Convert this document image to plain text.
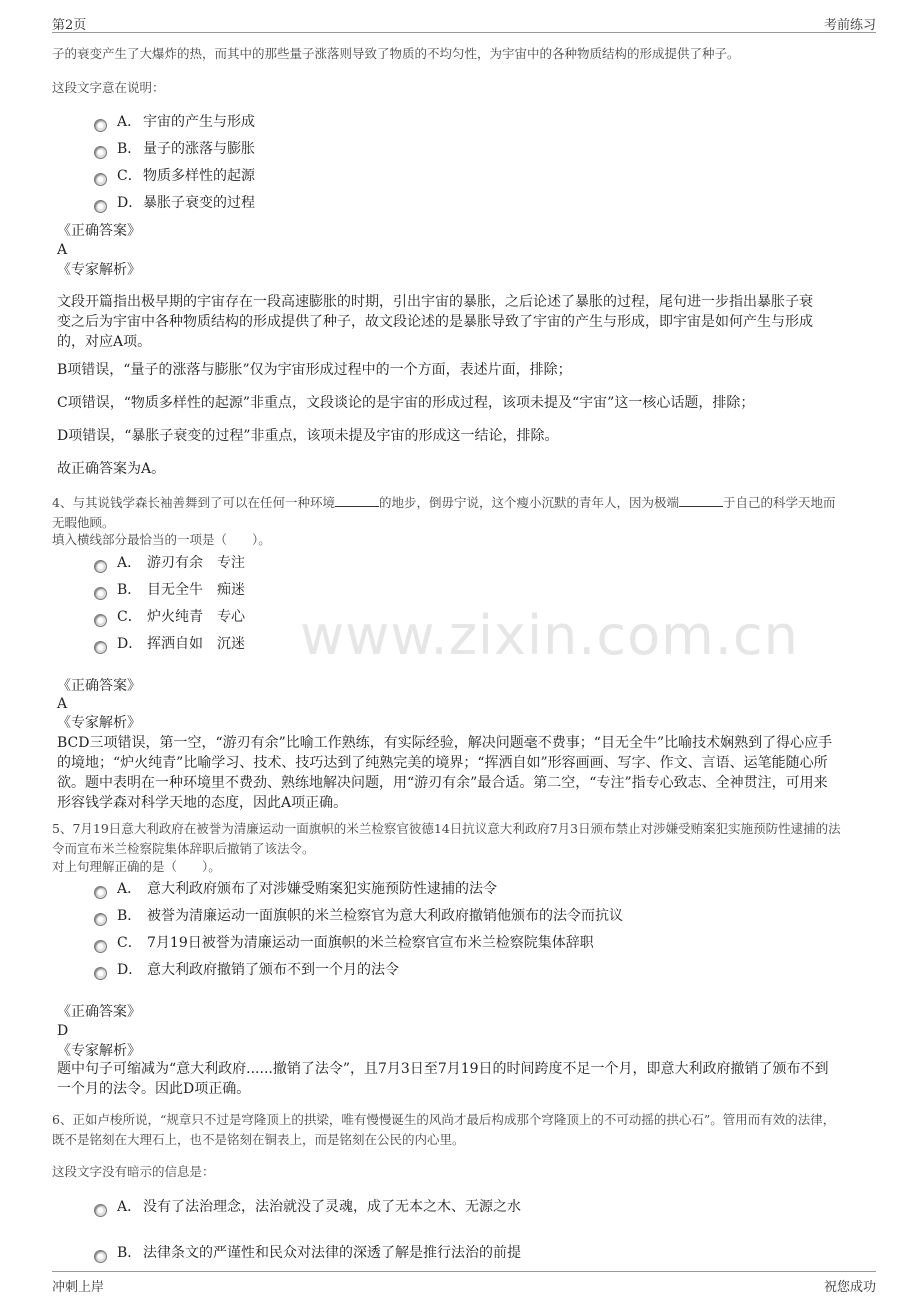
第2页	考前练习
www.zixin.com.cn
子的衰变产生了大爆炸的热，而其中的那些量子涨落则导致了物质的不均匀性，为宇宙中的各种物质结构的形成提供了种子。
这段文字意在说明：
A． 宇宙的产生与形成
B． 量子的涨落与膨胀
C．物质多样性的起源
D．暴胀子衰变的过程
《正确答案》
A
《专家解析》
文段开篇指出极早期的宇宙存在一段高速膨胀的时期，引出宇宙的暴胀，之后论述了暴胀的过程，尾句进一步指出暴胀子衰
变之后为宇宙中各种物质结构的形成提供了种子，故文段论述的是暴胀导致了宇宙的产生与形成，即宇宙是如何产生与形成
的，对应A项。
B项错误，“量子的涨落与膨胀”仅为宇宙形成过程中的一个方面，表述片面，排除；
C项错误，“物质多样性的起源”非重点，文段谈论的是宇宙的形成过程，该项未提及“宇宙”这一核心话题，排除；
D项错误，“暴胀子衰变的过程”非重点，该项未提及宇宙的形成这一结论，排除。
故正确答案为A。
4、与其说钱学森长袖善舞到了可以在任何一种环境	的地步，倒毋宁说，这个瘦小沉默的青年人，因为极端	于自己的科学天地而
无暇他顾。
填入横线部分最恰当的一项是（　　）。
A． 游刃有余 专注
B． 目无全牛 痴迷
C． 炉火纯青 专心
D． 挥洒自如 沉迷
《正确答案》
A
《专家解析》
BCD三项错误，第一空，“游刃有余”比喻工作熟练，有实际经验，解决问题毫不费事；“目无全牛”比喻技术娴熟到了得心应手
的境地；“炉火纯青”比喻学习、技术、技巧达到了纯熟完美的境界；“挥洒自如”形容画画、写字、作文、言语、运笔能随心所
欲。题中表明在一种环境里不费劲、熟练地解决问题，用“游刃有余”最合适。第二空，“专注”指专心致志、全神贯注，可用来
形容钱学森对科学天地的态度，因此A项正确。
5、7月19日意大利政府在被誉为清廉运动一面旗帜的米兰检察官彼德14日抗议意大利政府7月3日颁布禁止对涉嫌受贿案犯实施预防性逮捕的法
令而宣布米兰检察院集体辞职后撤销了该法令。
对上句理解正确的是（　　）。
A． 意大利政府颁布了对涉嫌受贿案犯实施预防性逮捕的法令
B． 被誉为清廉运动一面旗帜的米兰检察官为意大利政府撤销他颁布的法令而抗议
C． 7月19日被誉为清廉运动一面旗帜的米兰检察官宣布米兰检察院集体辞职
D． 意大利政府撤销了颁布不到一个月的法令
《正确答案》
D
《专家解析》
题中句子可缩减为“意大利政府......撤销了法令”，且7月3日至7月19日的时间跨度不足一个月，即意大利政府撤销了颁布不到
一个月的法令。因此D项正确。
6、正如卢梭所说，“规章只不过是穹隆顶上的拱梁，唯有慢慢诞生的风尚才最后构成那个穹隆顶上的不可动摇的拱心石”。管用而有效的法律，
既不是铭刻在大理石上，也不是铭刻在铜表上，而是铭刻在公民的内心里。
这段文字没有暗示的信息是：
A． 没有了法治理念，法治就没了灵魂，成了无本之木、无源之水
B． 法律条文的严谨性和民众对法律的深透了解是推行法治的前提
冲刺上岸	祝您成功
